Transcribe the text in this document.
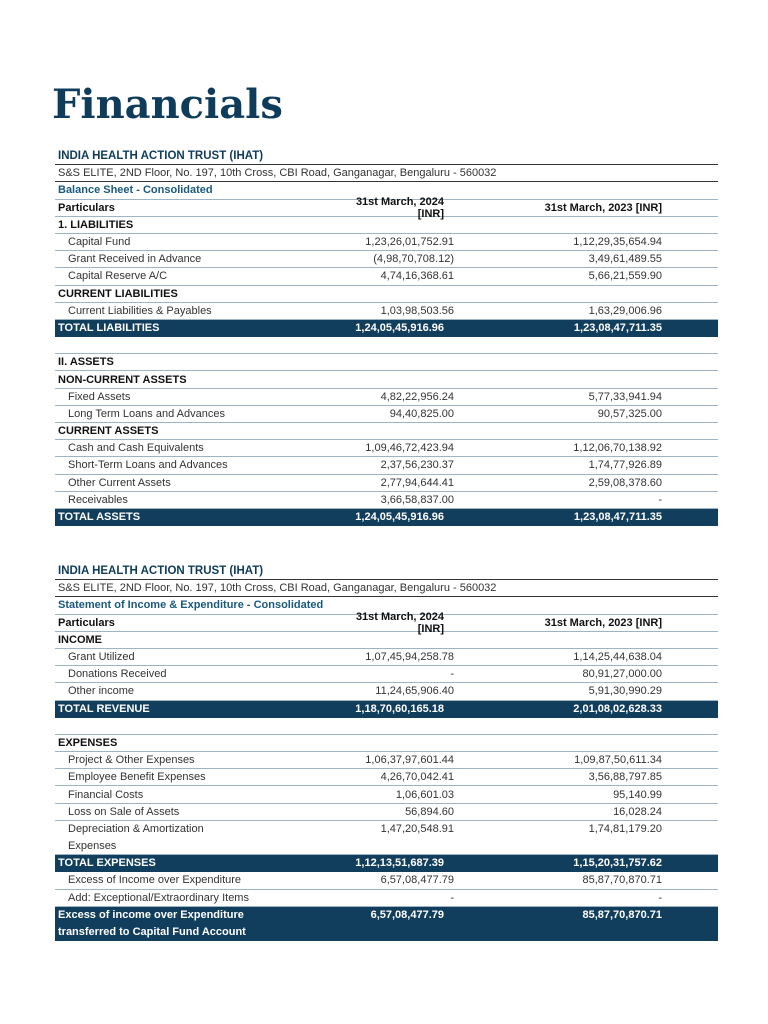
Financials
INDIA HEALTH ACTION TRUST (IHAT)
S&S ELITE, 2ND Floor, No. 197, 10th Cross, CBI Road, Ganganagar, Bengaluru - 560032
Balance Sheet - Consolidated
Particulars	31st March, 2024 [INR]	31st March, 2023 [INR]
1. LIABILITIES
Capital Fund	1,23,26,01,752.91	1,12,29,35,654.94
Grant Received in Advance	(4,98,70,708.12)	3,49,61,489.55
Capital Reserve A/C	4,74,16,368.61	5,66,21,559.90
CURRENT LIABILITIES
Current Liabilities & Payables	1,03,98,503.56	1,63,29,006.96
TOTAL LIABILITIES	1,24,05,45,916.96	1,23,08,47,711.35
II. ASSETS
NON-CURRENT ASSETS
Fixed Assets	4,82,22,956.24	5,77,33,941.94
Long Term Loans and Advances	94,40,825.00	90,57,325.00
CURRENT ASSETS
Cash and Cash Equivalents	1,09,46,72,423.94	1,12,06,70,138.92
Short-Term Loans and Advances	2,37,56,230.37	1,74,77,926.89
Other Current Assets	2,77,94,644.41	2,59,08,378.60
Receivables	3,66,58,837.00	-
TOTAL ASSETS	1,24,05,45,916.96	1,23,08,47,711.35
INDIA HEALTH ACTION TRUST (IHAT)
S&S ELITE, 2ND Floor, No. 197, 10th Cross, CBI Road, Ganganagar, Bengaluru - 560032
Statement of Income & Expenditure - Consolidated
Particulars	31st March, 2024 [INR]	31st March, 2023 [INR]
INCOME
Grant Utilized	1,07,45,94,258.78	1,14,25,44,638.04
Donations Received	-	80,91,27,000.00
Other income	11,24,65,906.40	5,91,30,990.29
TOTAL REVENUE	1,18,70,60,165.18	2,01,08,02,628.33
EXPENSES
Project & Other Expenses	1,06,37,97,601.44	1,09,87,50,611.34
Employee Benefit Expenses	4,26,70,042.41	3,56,88,797.85
Financial Costs	1,06,601.03	95,140.99
Loss on Sale of Assets	56,894.60	16,028.24
Depreciation & Amortization Expenses
1,47,20,548.91	1,74,81,179.20
TOTAL EXPENSES	1,12,13,51,687.39	1,15,20,31,757.62
Excess of Income over Expenditure	6,57,08,477.79	85,87,70,870.71
Add: Exceptional/Extraordinary Items	-	-
Excess of income over Expenditure transferred to Capital Fund Account
6,57,08,477.79	85,87,70,870.71
